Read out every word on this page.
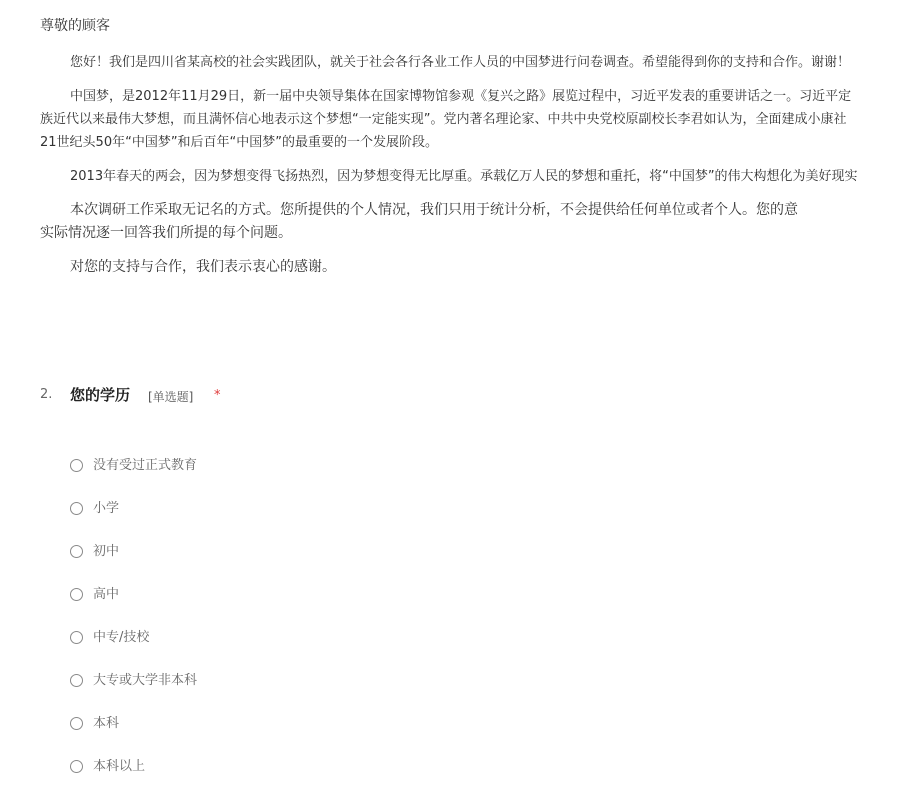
尊敬的顾客
您好！我们是四川省某高校的社会实践团队，就关于社会各行各业工作人员的中国梦进行问卷调查。希望能得到你的支持和合作。谢谢！
中国梦，是2012年11月29日，新一届中央领导集体在国家博物馆参观《复兴之路》展览过程中，习近平发表的重要讲话之一。习近平定
族近代以来最伟大梦想，而且满怀信心地表示这个梦想“一定能实现”。党内著名理论家、中共中央党校原副校长李君如认为，全面建成小康社
21世纪头50年“中国梦”和后百年“中国梦”的最重要的一个发展阶段。
2013年春天的两会，因为梦想变得飞扬热烈，因为梦想变得无比厚重。承载亿万人民的梦想和重托，将“中国梦”的伟大构想化为美好现实
本次调研工作采取无记名的方式。您所提供的个人情况，我们只用于统计分析，不会提供给任何单位或者个人。您的意
实际情况逐一回答我们所提的每个问题。
对您的支持与合作，我们表示衷心的感谢。
2. 您的学历 [单选题] *
没有受过正式教育
小学
初中
高中
中专/技校
大专或大学非本科
本科
本科以上
